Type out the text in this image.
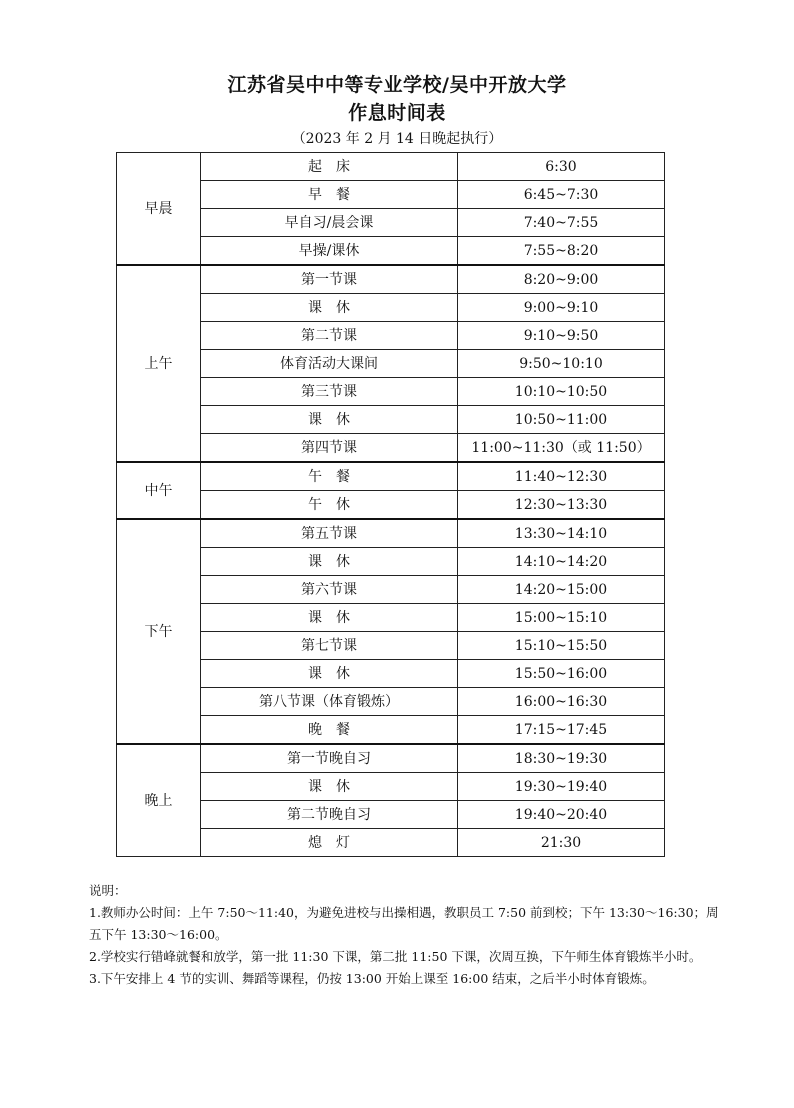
江苏省吴中中等专业学校/吴中开放大学
作息时间表
（2023 年 2 月 14 日晚起执行）
早晨	起　床	6:30
	早　餐	6:45~7:30
	早自习/晨会课	7:40~7:55
	早操/课休	7:55~8:20
上午	第一节课	8:20~9:00
	课　休	9:00~9:10
	第二节课	9:10~9:50
	体育活动大课间	9:50~10:10
	第三节课	10:10~10:50
	课　休	10:50~11:00
	第四节课	11:00~11:30（或 11:50）
中午	午　餐	11:40~12:30
	午　休	12:30~13:30
下午	第五节课	13:30~14:10
	课　休	14:10~14:20
	第六节课	14:20~15:00
	课　休	15:00~15:10
	第七节课	15:10~15:50
	课　休	15:50~16:00
	第八节课（体育锻炼）	16:00~16:30
	晚　餐	17:15~17:45
晚上	第一节晚自习	18:30~19:30
	课　休	19:30~19:40
	第二节晚自习	19:40~20:40
	熄　灯	21:30
说明：
1.教师办公时间：上午 7:50～11:40，为避免进校与出操相遇，教职员工 7:50 前到校；下午 13:30～16:30；周五下午 13:30～16:00。
2.学校实行错峰就餐和放学，第一批 11:30 下课，第二批 11:50 下课，次周互换，下午师生体育锻炼半小时。
3.下午安排上 4 节的实训、舞蹈等课程，仍按 13:00 开始上课至 16:00 结束，之后半小时体育锻炼。
